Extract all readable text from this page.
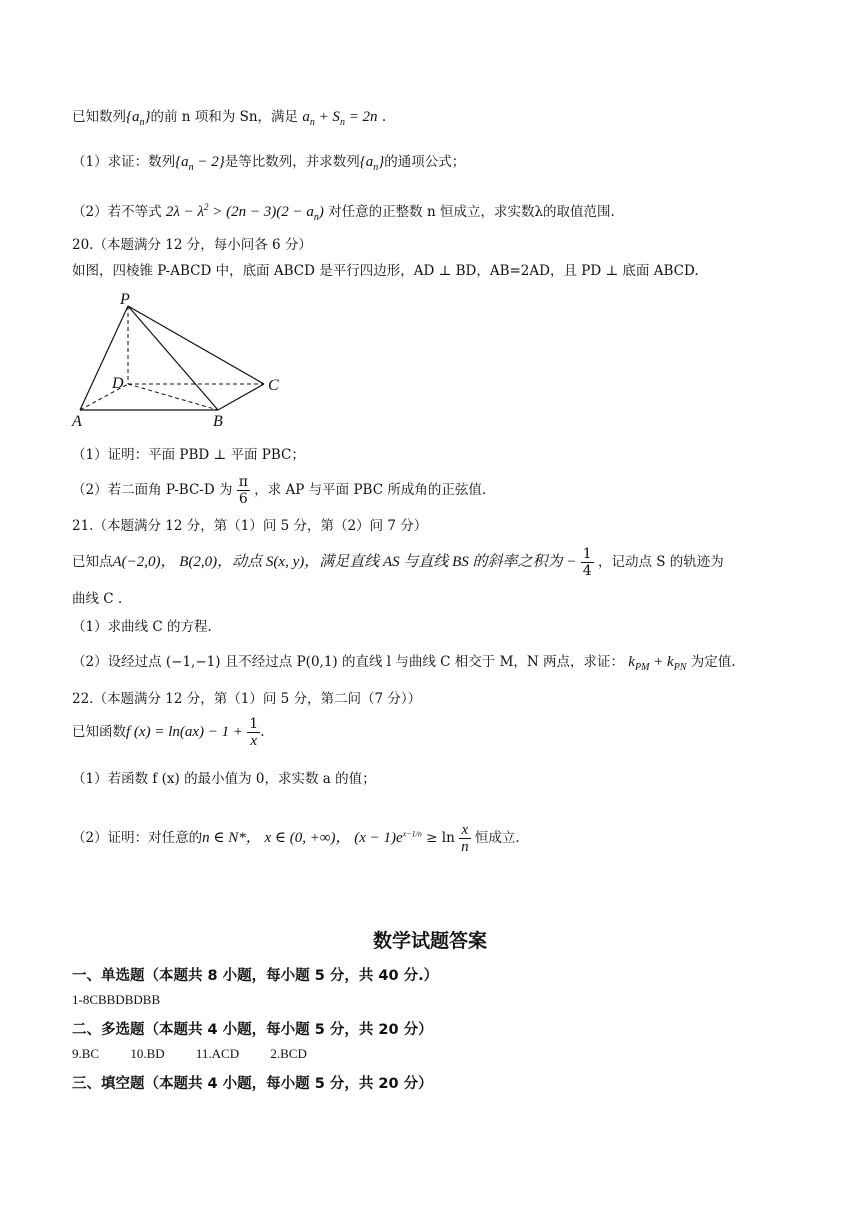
已知数列$\{a_n\}$的前 n 项和为 Sn，满足 $a_n + S_n = 2n$ .
（1）求证：数列$\{a_n - 2\}$是等比数列，并求数列$\{a_n\}$的通项公式；
（2）若不等式 $2\lambda - \lambda^2 > (2n - 3)(2 - a_n)$ 对任意的正整数 n 恒成立，求实数λ的取值范围.
20.（本题满分 12 分，每小问各 6 分）
如图，四棱锥 P-ABCD 中，底面 ABCD 是平行四边形，AD ⊥ BD，AB=2AD，且 PD ⊥ 底面 ABCD.
P
D	C
A	B
（1）证明：平面 PBD ⊥ 平面 PBC；
（2）若二面角 P-BC-D 为 $\frac{\pi}{6}$ ，求 AP 与平面 PBC 所成角的正弦值.
21.（本题满分 12 分，第（1）问 5 分，第（2）问 7 分）
已知点A(−2,0)， B(2,0)，动点 S(x, y)，满足直线 AS 与直线 BS 的斜率之积为 − $\frac{1}{4}$ ，记动点 S 的轨迹为
曲线 C .
（1）求曲线 C 的方程.
（2）设经过点 (−1,−1) 且不经过点 P(0,1) 的直线 l 与曲线 C 相交于 M，N 两点，求证： $k_{PM} + k_{PN}$ 为定值.
22.（本题满分 12 分，第（1）问 5 分，第二问（7 分））
已知函数f $(x) = \ln(ax) - 1 + \frac{1}{x}$ .
（1）若函数 f (x) 的最小值为 0，求实数 a 的值；
（2）证明：对任意的n ∈ N*， x ∈ (0, +∞)， $(x - 1)e^{x-1/n} \ge \ln \frac{x}{n}$ 恒成立.
数学试题答案
一、单选题（本题共 8 小题，每小题 5 分，共 40 分.）
1-8CBBDBDBB
二、多选题（本题共 4 小题，每小题 5 分，共 20 分）
9.BC 10.BD 11.ACD 2.BCD
三、填空题（本题共 4 小题，每小题 5 分，共 20 分）
